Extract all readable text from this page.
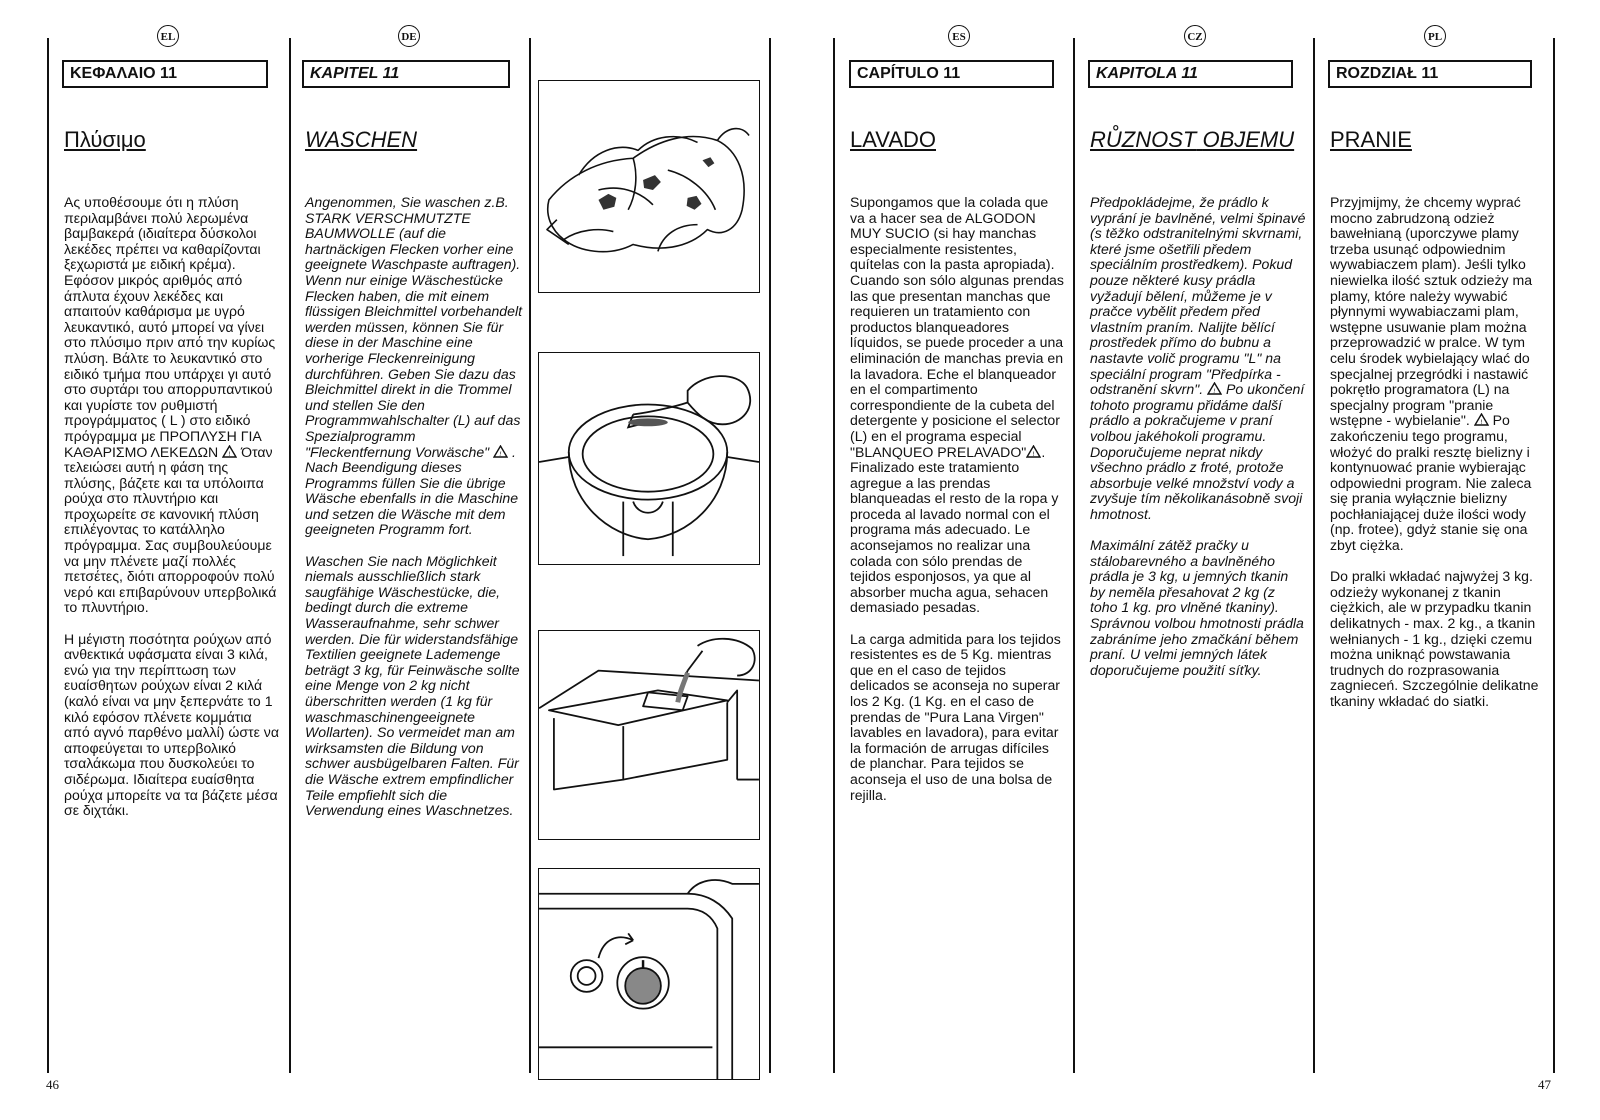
EL
ΚΕΦΑΛΑΙΟ 11
Πλύσιμο

Ας υποθέσουμε ότι η πλύση περιλαμβάνει πολύ λερωμένα βαμβακερά (ιδιαίτερα δύσκολοι λεκέδες πρέπει να καθαρίζονται ξεχωριστά με ειδική κρέμα). Εφόσον μικρός αριθμός από άπλυτα έχουν λεκέδες και απαιτούν καθάρισμα με υγρό λευκαντικό, αυτό μπορεί να γίνει στο πλύσιμο πριν από την κυρίως πλύση. Βάλτε το λευκαντικό στο ειδικό τμήμα που υπάρχει γι αυτό στο συρτάρι του απορρυπαντικού και γυρίστε τον ρυθμιστή προγράμματος ( L ) στο ειδικό πρόγραμμα με ΠΡΟΠΛΥΣΗ ΓΙΑ ΚΑΘΑΡΙΣΜΟ ΛΕΚΕΔΩΝ ! Όταν τελειώσει αυτή η φάση της πλύσης, βάζετε και τα υπόλοιπα ρούχα στο πλυντήριο και προχωρείτε σε κανονική πλύση επιλέγοντας το κατάλληλο πρόγραμμα. Σας συμβουλεύουμε να μην πλένετε μαζί πολλές πετσέτες, διότι απορροφούν πολύ νερό και επιβαρύνουν υπερβολικά το πλυντήριο.

Η μέγιστη ποσότητα ρούχων από ανθεκτικά υφάσματα είναι 3 κιλά, ενώ για την περίπτωση των ευαίσθητων ρούχων είναι 2 κιλά (καλό είναι να μην ξεπερνάτε το 1 κιλό εφόσον πλένετε κομμάτια από αγνό παρθένο μαλλί) ώστε να αποφεύγεται το υπερβολικό τσαλάκωμα που δυσκολεύει το σιδέρωμα. Ιδιαίτερα ευαίσθητα ρούχα μπορείτε να τα βάζετε μέσα σε διχτάκι.

DE
KAPITEL 11
WASCHEN

Angenommen, Sie waschen z.B. STARK VERSCHMUTZTE BAUMWOLLE (auf die hartnäckigen Flecken vorher eine geeignete Waschpaste auftragen). Wenn nur einige Wäschestücke Flecken haben, die mit einem flüssigen Bleichmittel vorbehandelt werden müssen, können Sie für diese in der Maschine eine vorherige Fleckenreinigung durchführen. Geben Sie dazu das Bleichmittel direkt in die Trommel und stellen Sie den Programmwahlschalter (L) auf das Spezialprogramm "Fleckentfernung Vorwäsche" ! . Nach Beendigung dieses Programms füllen Sie die übrige Wäsche ebenfalls in die Maschine und setzen die Wäsche mit dem geeigneten Programm fort.

Waschen Sie nach Möglichkeit niemals ausschließlich stark saugfähige Wäschestücke, die, bedingt durch die extreme Wasseraufnahme, sehr schwer werden. Die für widerstandsfähige Textilien geeignete Lademenge beträgt 3 kg, für Feinwäsche sollte eine Menge von 2 kg nicht überschritten werden (1 kg für waschmaschinengeeignete Wollarten). So vermeidet man am wirksamsten die Bildung von schwer ausbügelbaren Falten. Für die Wäsche extrem empfindlicher Teile empfiehlt sich die Verwendung eines Waschnetzes.

ES
CAPÍTULO 11
LAVADO

Supongamos que la colada que va a hacer sea de ALGODON MUY SUCIO (si hay manchas especialmente resistentes, quítelas con la pasta apropiada). Cuando son sólo algunas prendas las que presentan manchas que requieren un tratamiento con productos blanqueadores líquidos, se puede proceder a una eliminación de manchas previa en la lavadora. Eche el blanqueador en el compartimento correspondiente de la cubeta del detergente y posicione el selector (L) en el programa especial "BLANQUEO PRELAVADO" ! . Finalizado este tratamiento agregue a las prendas blanqueadas el resto de la ropa y proceda al lavado normal con el programa más adecuado. Le aconsejamos no realizar una colada con sólo prendas de tejidos esponjosos, ya que al absorber mucha agua, sehacen demasiado pesadas.

La carga admitida para los tejidos resistentes es de 5 Kg. mientras que en el caso de tejidos delicados se aconseja no superar los 2 Kg. (1 Kg. en el caso de prendas de "Pura Lana Virgen" lavables en lavadora), para evitar la formación de arrugas difíciles de planchar. Para tejidos se aconseja el uso de una bolsa de rejilla.

CZ
KAPITOLA 11
RŮZNOST OBJEMU

Předpokládejme, že prádlo k vyprání je bavlněné, velmi špinavé (s těžko odstranitelnými skvrnami, které jsme ošetřili předem speciálním prostředkem). Pokud pouze některé kusy prádla vyžadují bělení, můžeme je v pračce vybělit předem před vlastním praním. Nalijte bělící prostředek přímo do bubnu a nastavte volič programu "L" na speciální program "Předpírka - odstranění skvrn". ! Po ukončení tohoto programu přidáme další prádlo a pokračujeme v praní volbou jakéhokoli programu. Doporučujeme neprat nikdy všechno prádlo z froté, protože absorbuje velké množství vody a zvyšuje tím několikanásobně svoji hmotnost.

Maximální zátěž pračky u stálobarevného a bavlněného prádla je 3 kg, u jemných tkanin by neměla přesahovat 2 kg (z toho 1 kg. pro vlněné tkaniny). Správnou volbou hmotnosti prádla zabráníme jeho zmačkání během praní. U velmi jemných látek doporučujeme použití síťky.

PL
ROZDZIAŁ 11
PRANIE

Przyjmijmy, że chcemy wyprać mocno zabrudzoną odzież bawełnianą (uporczywe plamy trzeba usunąć odpowiednim wywabiaczem plam). Jeśli tylko niewielka ilość sztuk odzieży ma plamy, które należy wywabić płynnymi wywabiaczami plam, wstępne usuwanie plam można przeprowadzić w pralce. W tym celu środek wybielający wlać do specjalnej przegródki i nastawić pokrętło programatora (L) na specjalny program "pranie wstępne - wybielanie". ! Po zakończeniu tego programu, włożyć do pralki resztę bielizny i kontynuować pranie wybierając odpowiedni program. Nie zaleca się prania wyłącznie bielizny pochłaniającej duże ilości wody (np. frotee), gdyż stanie się ona zbyt ciężka.

Do pralki wkładać najwyżej 3 kg. odzieży wykonanej z tkanin ciężkich, ale w przypadku tkanin delikatnych - max. 2 kg., a tkanin wełnianych - 1 kg., dzięki czemu można uniknąć powstawania trudnych do rozprasowania zagnieceń. Szczególnie delikatne tkaniny wkładać do siatki.

46	47
